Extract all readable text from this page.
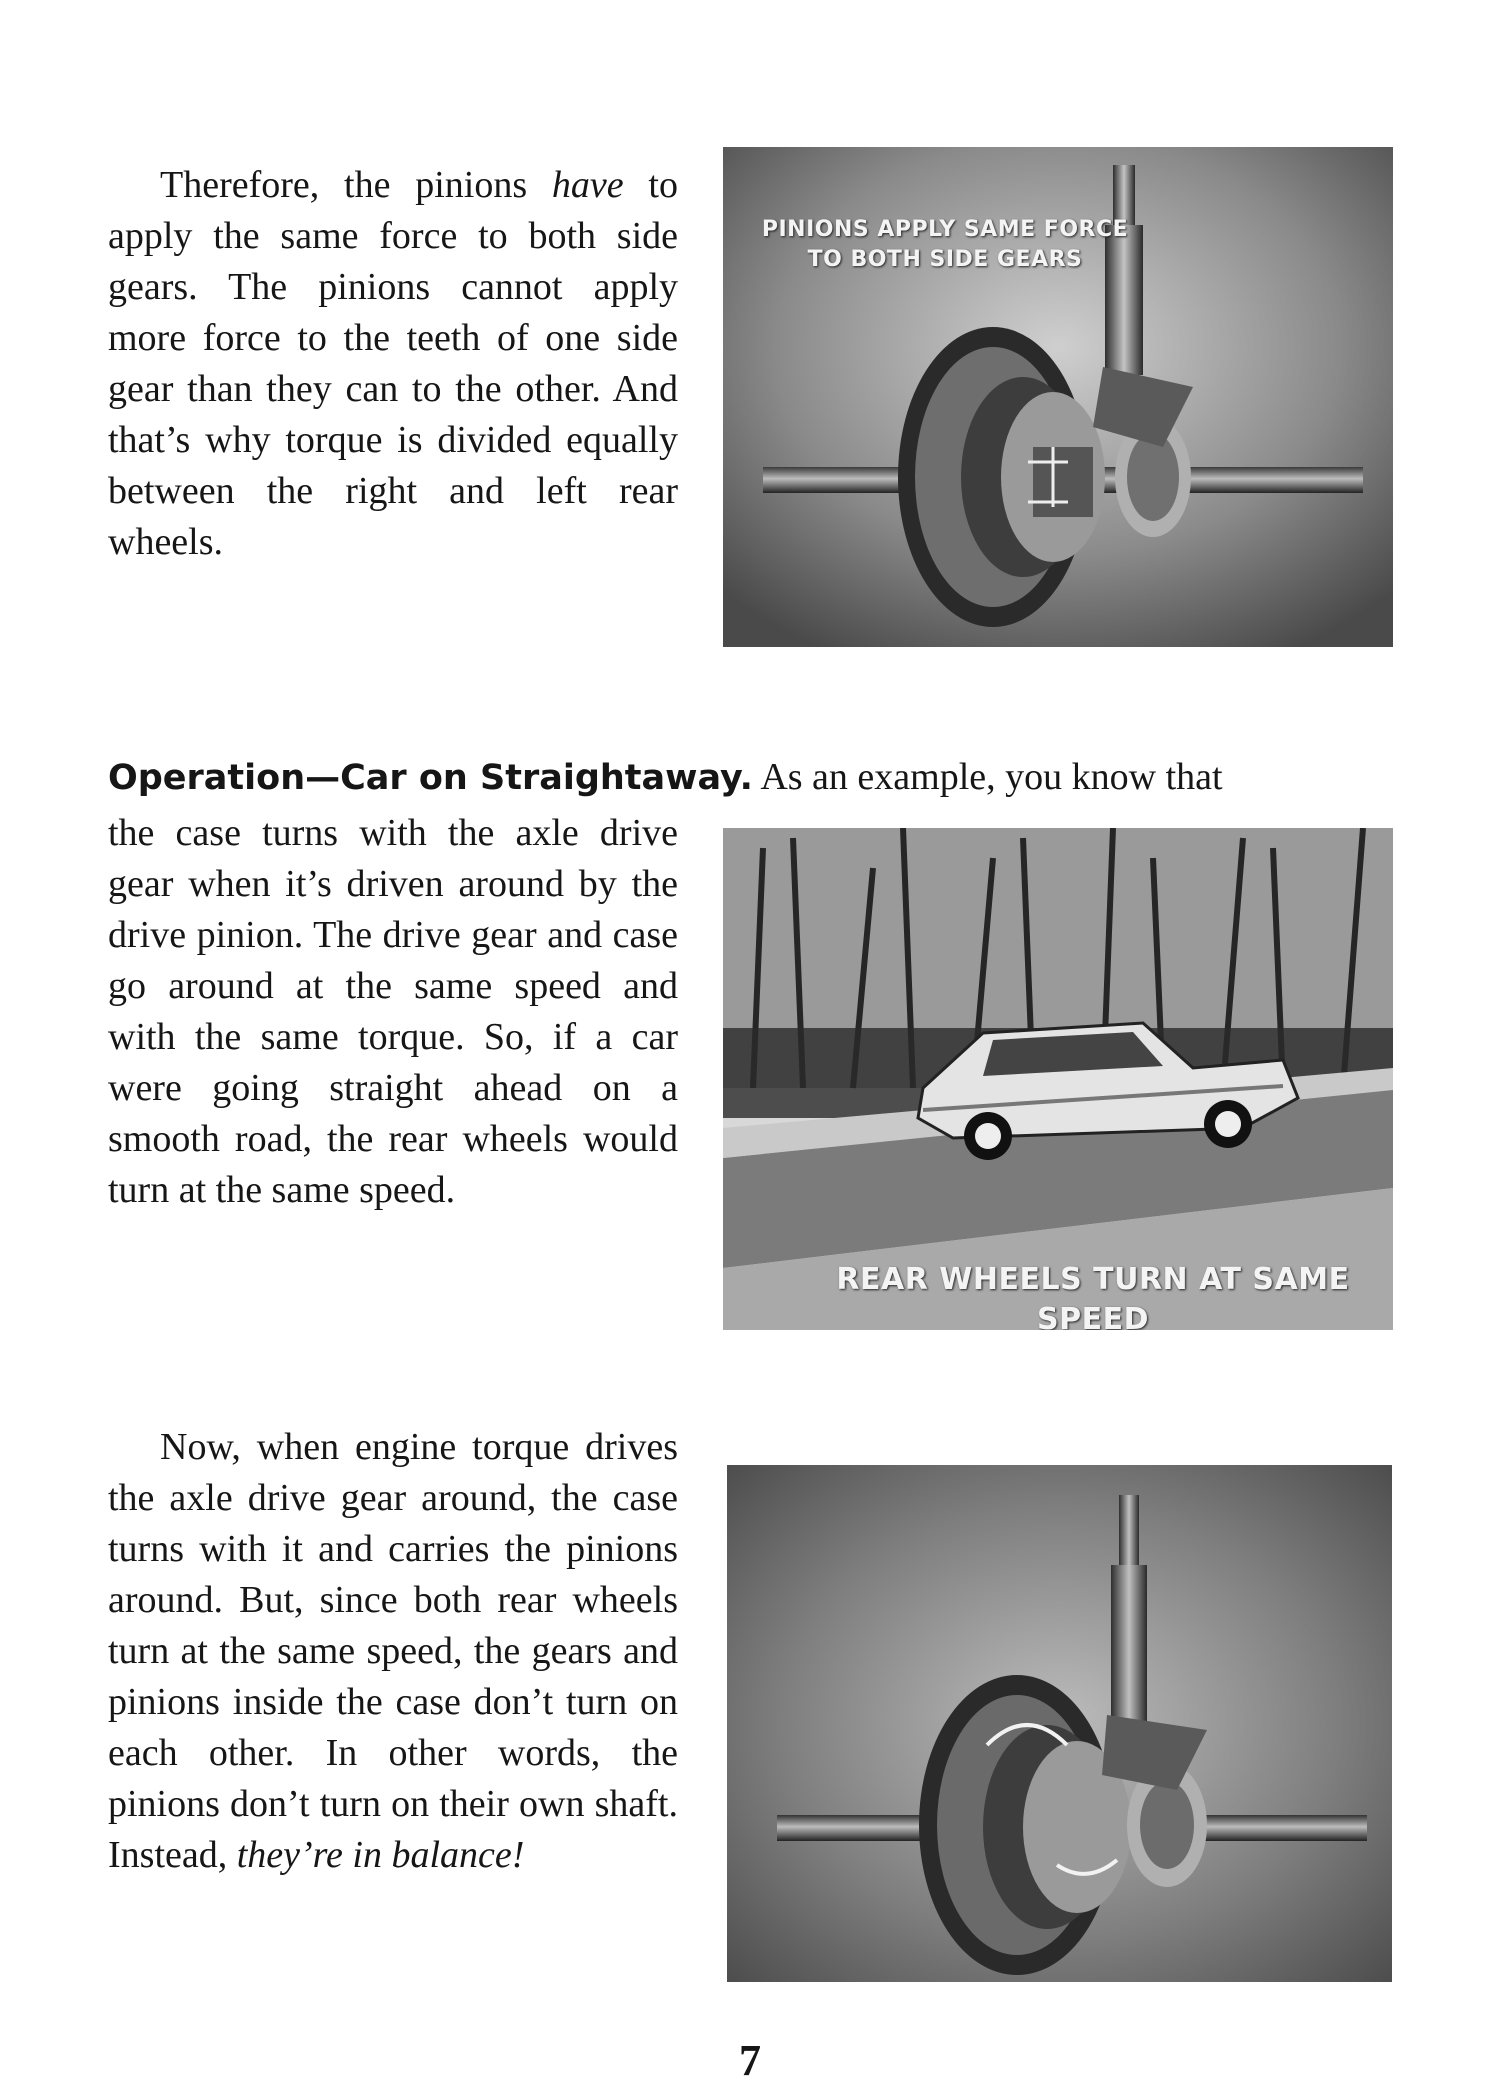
Therefore, the pinions have to apply the same force to both side gears. The pinions cannot apply more force to the teeth of one side gear than they can to the other. And that’s why torque is divided equally between the right and left rear wheels.

PINIONS APPLY SAME FORCE
TO BOTH SIDE GEARS
Operation—Car on Straightaway. As an example, you know that

the case turns with the axle drive gear when it’s driven around by the drive pinion. The drive gear and case go around at the same speed and with the same torque. So, if a car were going straight ahead on a smooth road, the rear wheels would turn at the same speed.

REAR WHEELS TURN AT SAME SPEED

Now, when engine torque drives the axle drive gear around, the case turns with it and carries the pinions around. But, since both rear wheels turn at the same speed, the gears and pinions inside the case don’t turn on each other. In other words, the pinions don’t turn on their own shaft. Instead, they’re in balance!

7
